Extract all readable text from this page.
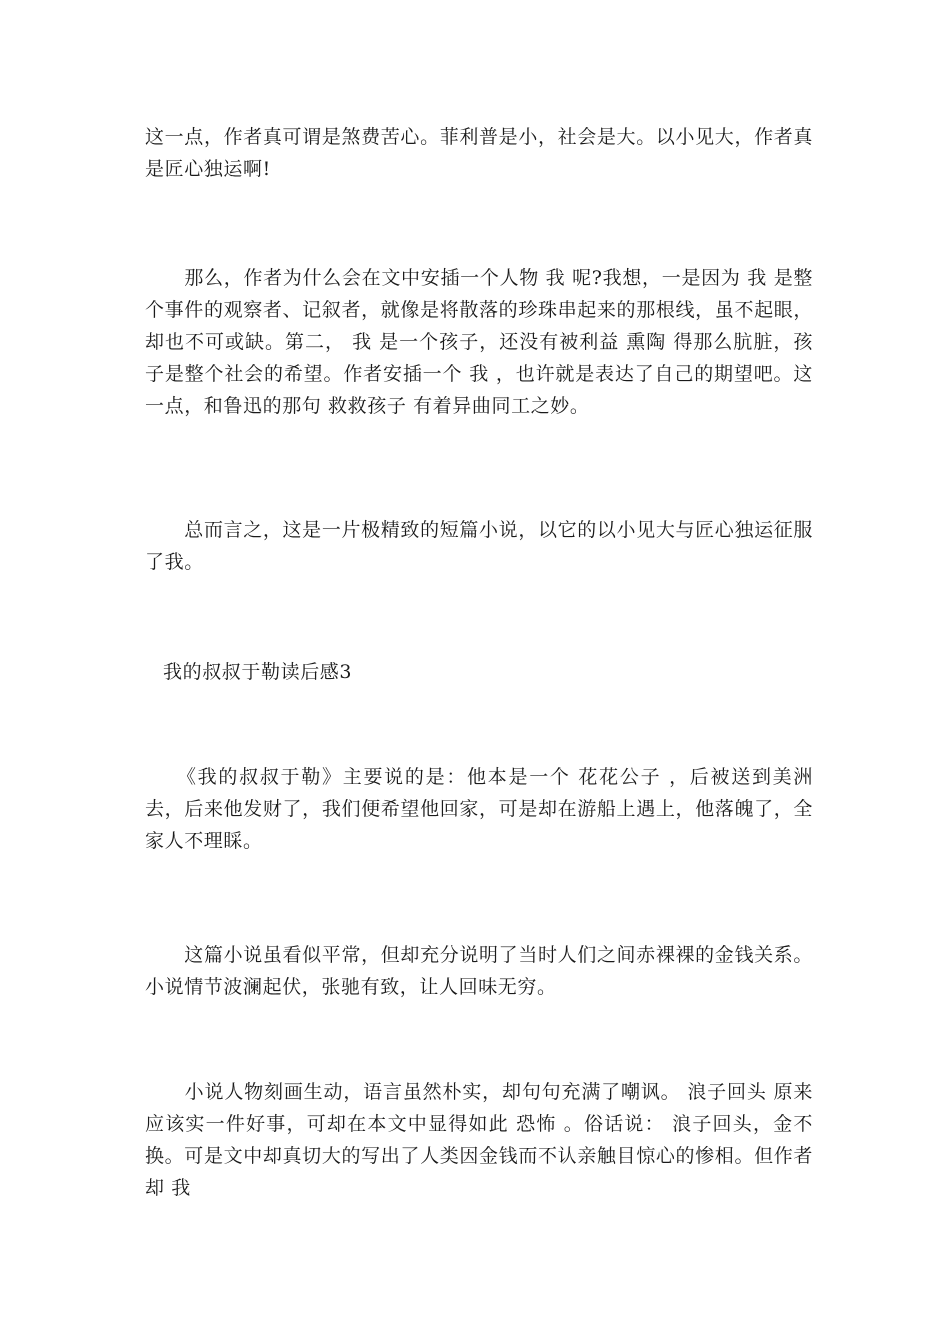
这一点，作者真可谓是煞费苦心。菲利普是小，社会是大。以小见大，作者真是匠心独运啊!

　　那么，作者为什么会在文中安插一个人物 我 呢?我想，一是因为 我 是整个事件的观察者、记叙者，就像是将散落的珍珠串起来的那根线，虽不起眼，却也不可或缺。第二， 我 是一个孩子，还没有被利益 熏陶 得那么肮脏，孩子是整个社会的希望。作者安插一个 我 ，也许就是表达了自己的期望吧。这一点，和鲁迅的那句 救救孩子 有着异曲同工之妙。

　　总而言之，这是一片极精致的短篇小说，以它的以小见大与匠心独运征服了我。

我的叔叔于勒读后感3

　　《我的叔叔于勒》主要说的是：他本是一个 花花公子 ，后被送到美洲去，后来他发财了，我们便希望他回家，可是却在游船上遇上，他落魄了，全家人不理睬。

　　这篇小说虽看似平常，但却充分说明了当时人们之间赤裸裸的金钱关系。小说情节波澜起伏，张驰有致，让人回味无穷。

　　小说人物刻画生动，语言虽然朴实，却句句充满了嘲讽。 浪子回头 原来应该实一件好事，可却在本文中显得如此 恐怖 。俗话说： 浪子回头，金不换。可是文中却真切大的写出了人类因金钱而不认亲触目惊心的惨相。但作者却 我
